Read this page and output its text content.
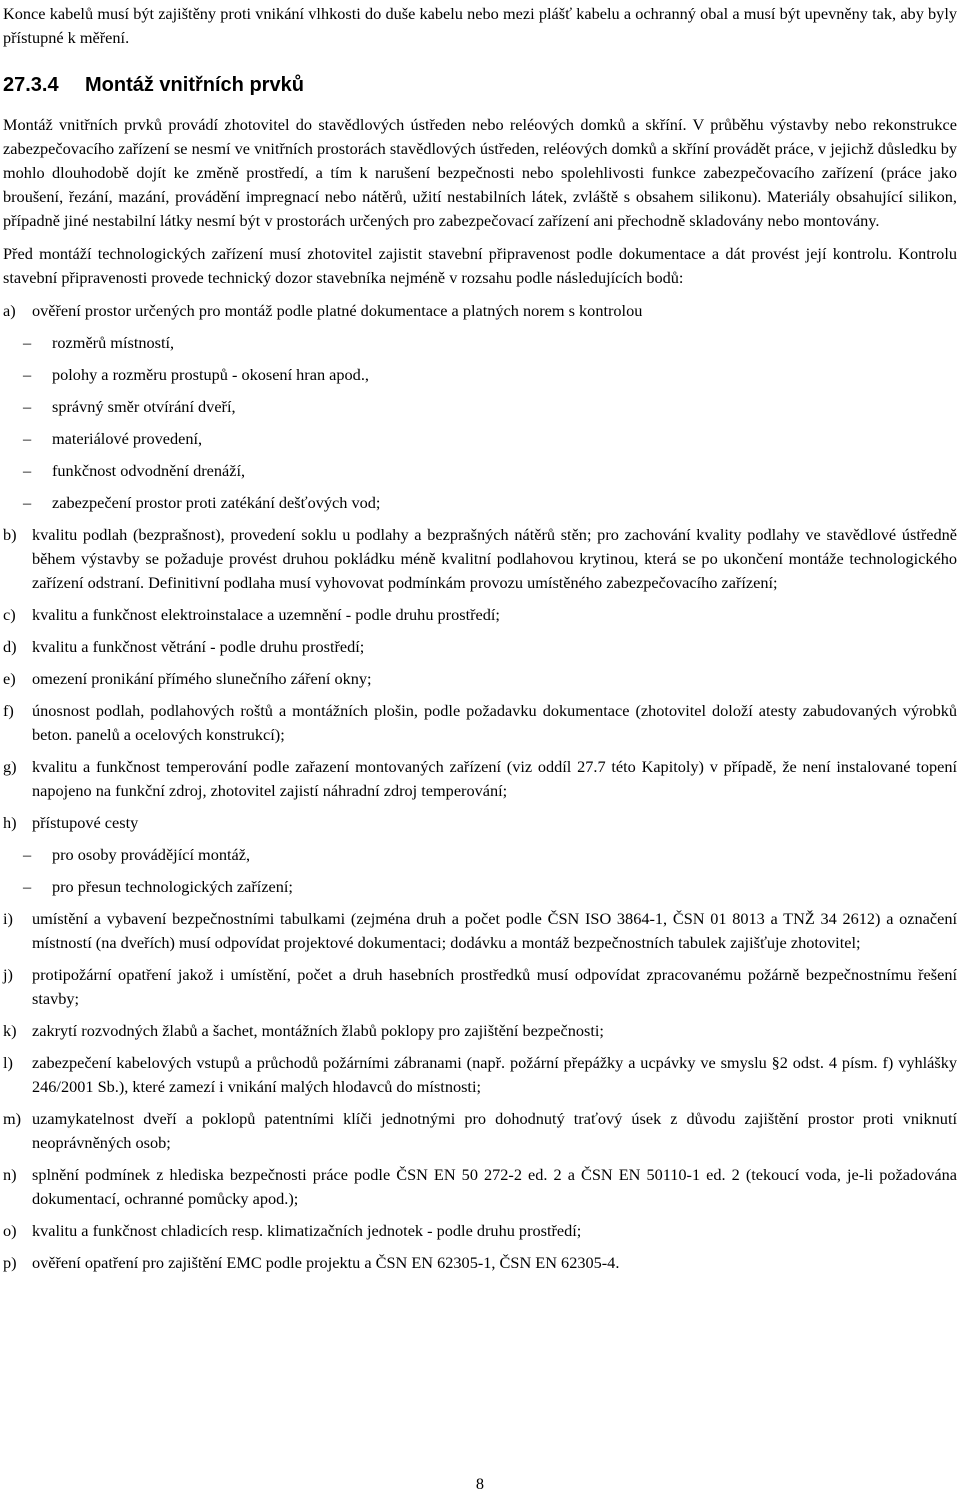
Konce kabelů musí být zajištěny proti vnikání vlhkosti do duše kabelu nebo mezi plášť kabelu a ochranný obal a musí být upevněny tak, aby byly přístupné k měření.

27.3.4 Montáž vnitřních prvků

Montáž vnitřních prvků provádí zhotovitel do stavědlových ústředen nebo reléových domků a skříní. V průběhu výstavby nebo rekonstrukce zabezpečovacího zařízení se nesmí ve vnitřních prostorách stavědlových ústředen, reléových domků a skříní provádět práce, v jejichž důsledku by mohlo dlouhodobě dojít ke změně prostředí, a tím k narušení bezpečnosti nebo spolehlivosti funkce zabezpečovacího zařízení (práce jako broušení, řezání, mazání, provádění impregnací nebo nátěrů, užití nestabilních látek, zvláště s obsahem silikonu). Materiály obsahující silikon, případně jiné nestabilní látky nesmí být v prostorách určených pro zabezpečovací zařízení ani přechodně skladovány nebo montovány.

Před montáží technologických zařízení musí zhotovitel zajistit stavební připravenost podle dokumentace a dát provést její kontrolu. Kontrolu stavební připravenosti provede technický dozor stavebníka nejméně v rozsahu podle následujících bodů:

a)	ověření prostor určených pro montáž podle platné dokumentace a platných norem s kontrolou
–	rozměrů místností,
–	polohy a rozměru prostupů - okosení hran apod.,
–	správný směr otvírání dveří,
–	materiálové provedení,
–	funkčnost odvodnění drenáží,
–	zabezpečení prostor proti zatékání dešťových vod;
b) kvalitu podlah (bezprašnost), provedení soklu u podlahy a bezprašných nátěrů stěn; pro zachování kvality podlahy ve stavědlové ústředně během výstavby se požaduje provést druhou pokládku méně kvalitní podlahovou krytinou, která se po ukončení montáže technologického zařízení odstraní. Definitivní podlaha musí vyhovovat podmínkám provozu umístěného zabezpečovacího zařízení;
c)	kvalitu a funkčnost elektroinstalace a uzemnění - podle druhu prostředí;
d) kvalitu a funkčnost větrání - podle druhu prostředí;
e)	omezení pronikání přímého slunečního záření okny;
f)	únosnost podlah, podlahových roštů a montážních plošin, podle požadavku dokumentace (zhotovitel doloží atesty zabudovaných výrobků beton. panelů a ocelových konstrukcí);
g) kvalitu a funkčnost temperování podle zařazení montovaných zařízení (viz oddíl 27.7 této Kapitoly) v případě, že není instalované topení napojeno na funkční zdroj, zhotovitel zajistí náhradní zdroj temperování;
h) přístupové cesty
–	pro osoby provádějící montáž,
–	pro přesun technologických zařízení;
i)	umístění a vybavení bezpečnostními tabulkami (zejména druh a počet podle ČSN ISO 3864-1, ČSN 01 8013 a TNŽ 34 2612) a označení místností (na dveřích) musí odpovídat projektové dokumentaci; dodávku a montáž bezpečnostních tabulek zajišťuje zhotovitel;
j)	protipožární opatření jakož i umístění, počet a druh hasebních prostředků musí odpovídat zpracovanému požárně bezpečnostnímu řešení stavby;
k) zakrytí rozvodných žlabů a šachet, montážních žlabů poklopy pro zajištění bezpečnosti;
l)	zabezpečení kabelových vstupů a průchodů požárními zábranami (např. požární přepážky a ucpávky ve smyslu §2 odst. 4 písm. f) vyhlášky 246/2001 Sb.), které zamezí i vnikání malých hlodavců do místnosti;
m) uzamykatelnost dveří a poklopů patentními klíči jednotnými pro dohodnutý traťový úsek z důvodu zajištění prostor proti vniknutí neoprávněných osob;
n) splnění podmínek z hlediska bezpečnosti práce podle ČSN EN 50 272-2 ed. 2 a ČSN EN 50110-1 ed. 2 (tekoucí voda, je-li požadována dokumentací, ochranné pomůcky apod.);
o) kvalitu a funkčnost chladicích resp. klimatizačních jednotek - podle druhu prostředí;
p) ověření opatření pro zajištění EMC podle projektu a ČSN EN 62305-1, ČSN EN 62305-4.
8
